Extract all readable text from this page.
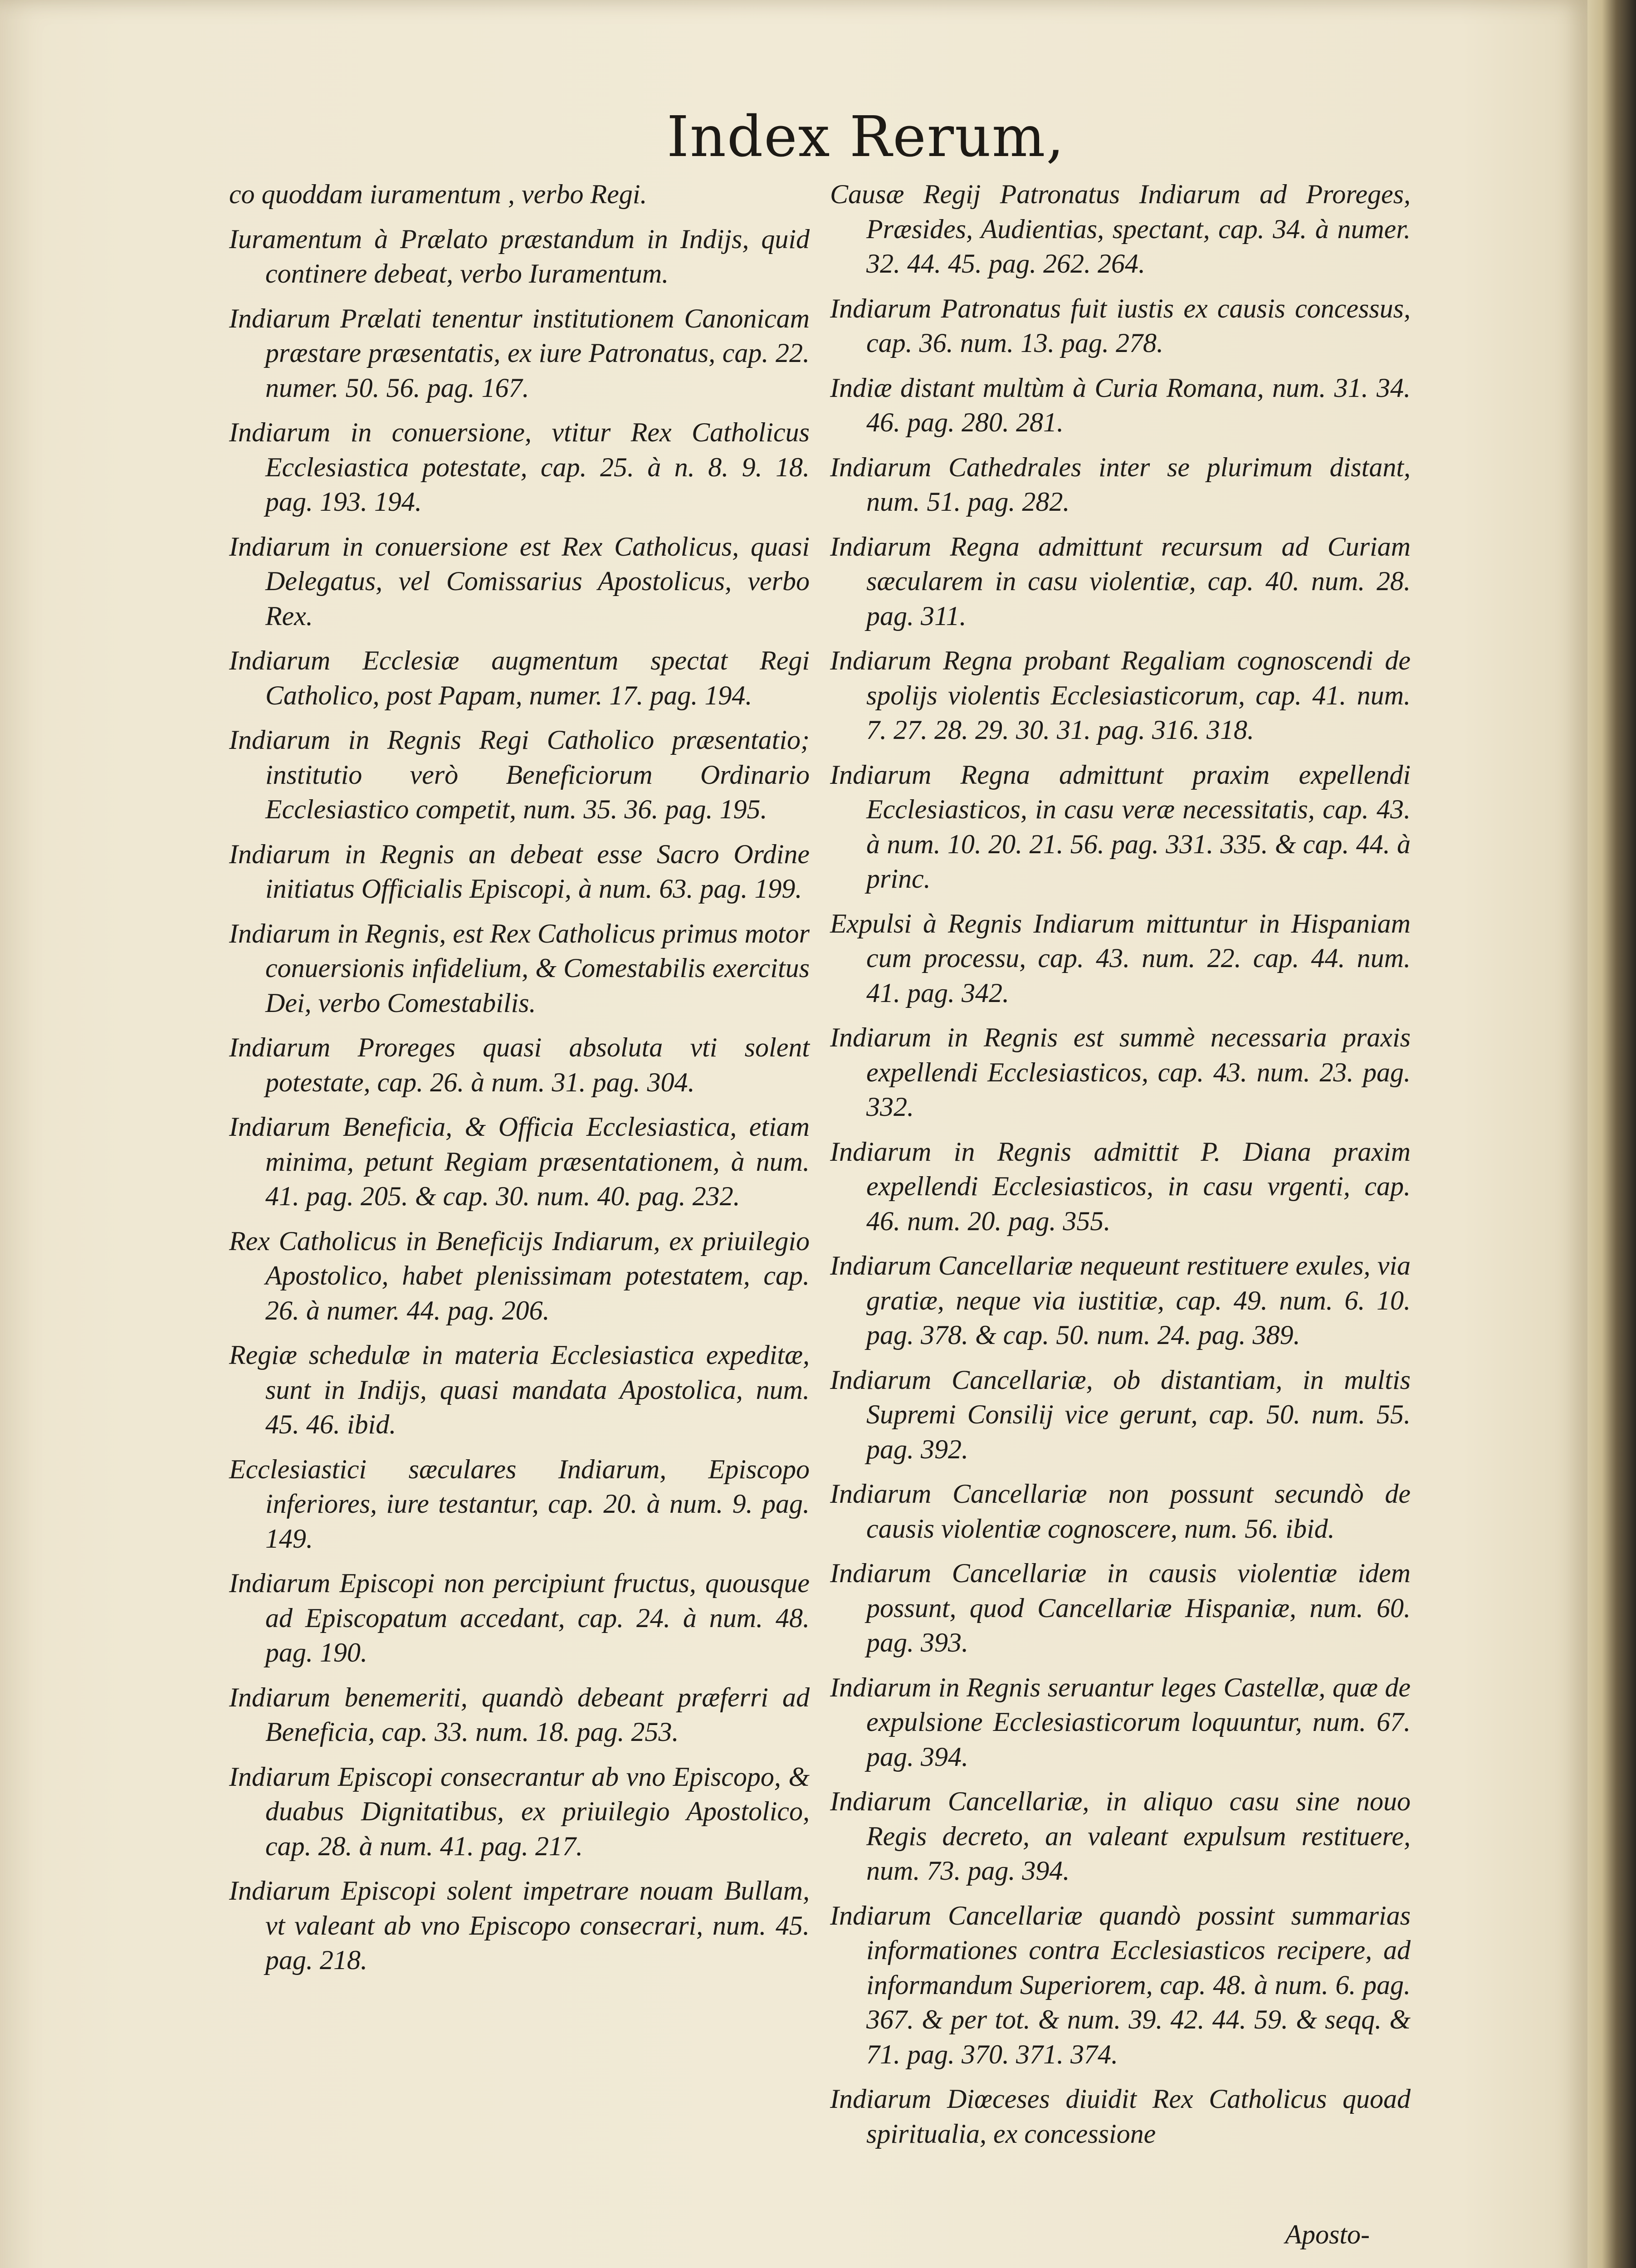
Index Rerum,

co quoddam iuramentum , verbo Regi.

Iuramentum à Prælato præstandum in Indijs, quid continere debeat, verbo Iuramentum.

Indiarum Prælati tenentur institutionem Canonicam præstare præsentatis, ex iure Patronatus, cap. 22. numer. 50. 56. pag. 167.

Indiarum in conuersione, vtitur Rex Catholicus Ecclesiastica potestate, cap. 25. à n. 8. 9. 18. pag. 193. 194.

Indiarum in conuersione est Rex Catholicus, quasi Delegatus, vel Comissarius Apostolicus, verbo Rex.

Indiarum Ecclesiæ augmentum spectat Regi Catholico, post Papam, numer. 17. pag. 194.

Indiarum in Regnis Regi Catholico præsentatio; institutio verò Beneficiorum Ordinario Ecclesiastico competit, num. 35. 36. pag. 195.

Indiarum in Regnis an debeat esse Sacro Ordine initiatus Officialis Episcopi, à num. 63. pag. 199.

Indiarum in Regnis, est Rex Catholicus primus motor conuersionis infidelium, & Comestabilis exercitus Dei, verbo Comestabilis.

Indiarum Proreges quasi absoluta vti solent potestate, cap. 26. à num. 31. pag. 304.

Indiarum Beneficia, & Officia Ecclesiastica, etiam minima, petunt Regiam præsentationem, à num. 41. pag. 205. & cap. 30. num. 40. pag. 232.

Rex Catholicus in Beneficijs Indiarum, ex priuilegio Apostolico, habet plenissimam potestatem, cap. 26. à numer. 44. pag. 206.

Regiæ schedulæ in materia Ecclesiastica expeditæ, sunt in Indijs, quasi mandata Apostolica, num. 45. 46. ibid.

Ecclesiastici sæculares Indiarum, Episcopo inferiores, iure testantur, cap. 20. à num. 9. pag. 149.

Indiarum Episcopi non percipiunt fructus, quousque ad Episcopatum accedant, cap. 24. à num. 48. pag. 190.

Indiarum benemeriti, quandò debeant præferri ad Beneficia, cap. 33. num. 18. pag. 253.

Indiarum Episcopi consecrantur ab vno Episcopo, & duabus Dignitatibus, ex priuilegio Apostolico, cap. 28. à num. 41. pag. 217.

Indiarum Episcopi solent impetrare nouam Bullam, vt valeant ab vno Episcopo consecrari, num. 45. pag. 218.

Causæ Regij Patronatus Indiarum ad Proreges, Præsides, Audientias, spectant, cap. 34. à numer. 32. 44. 45. pag. 262. 264.

Indiarum Patronatus fuit iustis ex causis concessus, cap. 36. num. 13. pag. 278.

Indiæ distant multùm à Curia Romana, num. 31. 34. 46. pag. 280. 281.

Indiarum Cathedrales inter se plurimum distant, num. 51. pag. 282.

Indiarum Regna admittunt recursum ad Curiam sæcularem in casu violentiæ, cap. 40. num. 28. pag. 311.

Indiarum Regna probant Regaliam cognoscendi de spolijs violentis Ecclesiasticorum, cap. 41. num. 7. 27. 28. 29. 30. 31. pag. 316. 318.

Indiarum Regna admittunt praxim expellendi Ecclesiasticos, in casu veræ necessitatis, cap. 43. à num. 10. 20. 21. 56. pag. 331. 335. & cap. 44. à princ.

Expulsi à Regnis Indiarum mittuntur in Hispaniam cum processu, cap. 43. num. 22. cap. 44. num. 41. pag. 342.

Indiarum in Regnis est summè necessaria praxis expellendi Ecclesiasticos, cap. 43. num. 23. pag. 332.

Indiarum in Regnis admittit P. Diana praxim expellendi Ecclesiasticos, in casu vrgenti, cap. 46. num. 20. pag. 355.

Indiarum Cancellariæ nequeunt restituere exules, via gratiæ, neque via iustitiæ, cap. 49. num. 6. 10. pag. 378. & cap. 50. num. 24. pag. 389.

Indiarum Cancellariæ, ob distantiam, in multis Supremi Consilij vice gerunt, cap. 50. num. 55. pag. 392.

Indiarum Cancellariæ non possunt secundò de causis violentiæ cognoscere, num. 56. ibid.

Indiarum Cancellariæ in causis violentiæ idem possunt, quod Cancellariæ Hispaniæ, num. 60. pag. 393.

Indiarum in Regnis seruantur leges Castellæ, quæ de expulsione Ecclesiasticorum loquuntur, num. 67. pag. 394.

Indiarum Cancellariæ, in aliquo casu sine nouo Regis decreto, an valeant expulsum restituere, num. 73. pag. 394.

Indiarum Cancellariæ quandò possint summarias informationes contra Ecclesiasticos recipere, ad informandum Superiorem, cap. 48. à num. 6. pag. 367. & per tot. & num. 39. 42. 44. 59. & seqq. & 71. pag. 370. 371. 374.

Indiarum Diœceses diuidit Rex Catholicus quoad spiritualia, ex concessione

Aposto-
